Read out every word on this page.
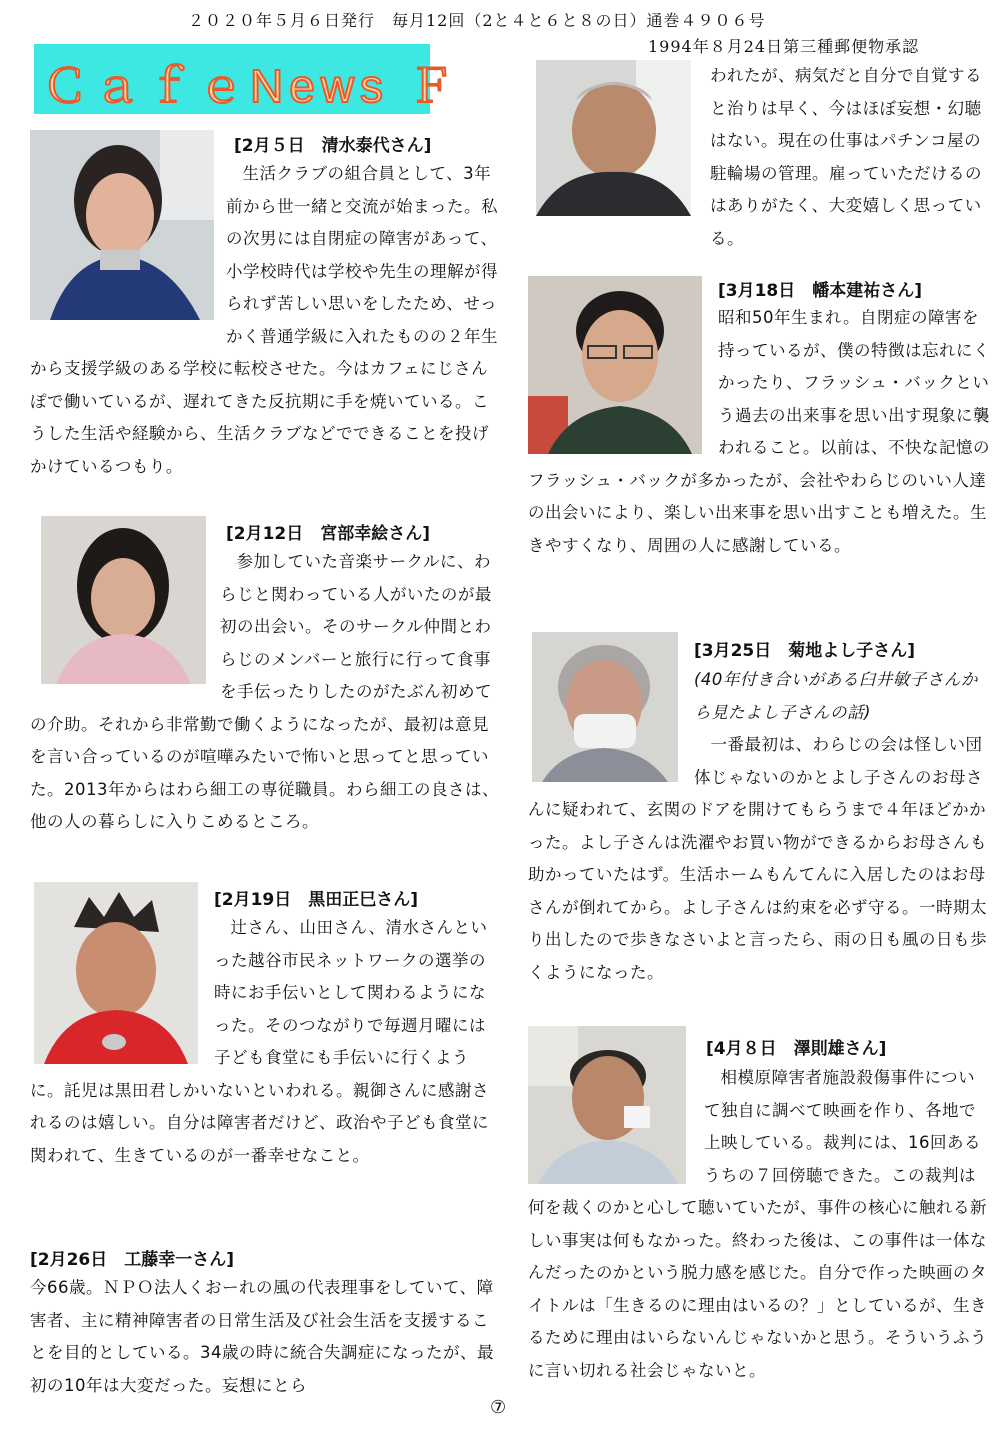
２０２０年５月６日発行　毎月12回（2と４と６と８の日）通巻４９０６号
1994年８月24日第三種郵便物承認
ＣａｆｅNews Ｆ
[2月５日　清水泰代さん]

生活クラブの組合員として、3年前から世一緒と交流が始まった。私の次男には自閉症の障害があって、小学校時代は学校や先生の理解が得られず苦しい思いをしたため、せっかく普通学級に入れたものの２年生から支援学級のある学校に転校させた。今はカフェにじさんぽで働いているが、遅れてきた反抗期に手を焼いている。こうした生活や経験から、生活クラブなどでできることを投げかけているつもり。

[2月12日　宮部幸絵さん]

参加していた音楽サークルに、わらじと関わっている人がいたのが最初の出会い。そのサークル仲間とわらじのメンバーと旅行に行って食事を手伝ったりしたのがたぶん初めての介助。それから非常勤で働くようになったが、最初は意見を言い合っているのが喧嘩みたいで怖いと思ってと思っていた。2013年からはわら細工の専従職員。わら細工の良さは、他の人の暮らしに入りこめるところ。

[2月19日　黒田正巳さん]

辻さん、山田さん、清水さんといった越谷市民ネットワークの選挙の時にお手伝いとして関わるようになった。そのつながりで毎週月曜には子ども食堂にも手伝いに行くように。託児は黒田君しかいないといわれる。親御さんに感謝されるのは嬉しい。自分は障害者だけど、政治や子ども食堂に関われて、生きているのが一番幸せなこと。

[2月26日　工藤幸一さん]

今66歳。ＮＰＯ法人くおーれの風の代表理事をしていて、障害者、主に精神障害者の日常生活及び社会生活を支援することを目的としている。34歳の時に統合失調症になったが、最初の10年は大変だった。妄想にとら

われたが、病気だと自分で自覚すると治りは早く、今はほぼ妄想・幻聴はない。現在の仕事はパチンコ屋の駐輪場の管理。雇っていただけるのはありがたく、大変嬉しく思っている。

[3月18日　幡本建祐さん]

昭和50年生まれ。自閉症の障害を持っているが、僕の特徴は忘れにくかったり、フラッシュ・バックという過去の出来事を思い出す現象に襲われること。以前は、不快な記憶のフラッシュ・バックが多かったが、会社やわらじのいい人達の出会いにより、楽しい出来事を思い出すことも増えた。生きやすくなり、周囲の人に感謝している。

[3月25日　菊地よし子さん]

(40年付き合いがある臼井敏子さんから見たよし子さんの話)

一番最初は、わらじの会は怪しい団体じゃないのかとよし子さんのお母さんに疑われて、玄関のドアを開けてもらうまで４年ほどかかった。よし子さんは洗濯やお買い物ができるからお母さんも助かっていたはず。生活ホームもんてんに入居したのはお母さんが倒れてから。よし子さんは約束を必ず守る。一時期太り出したので歩きなさいよと言ったら、雨の日も風の日も歩くようになった。

[4月８日　澤則雄さん]

相模原障害者施設殺傷事件について独自に調べて映画を作り、各地で上映している。裁判には、16回あるうちの７回傍聴できた。この裁判は何を裁くのかと心して聴いていたが、事件の核心に触れる新しい事実は何もなかった。終わった後は、この事件は一体なんだったのかという脱力感を感じた。自分で作った映画のタイトルは「生きるのに理由はいるの？」としているが、生きるために理由はいらないんじゃないかと思う。そういうふうに言い切れる社会じゃないと。

⑦
